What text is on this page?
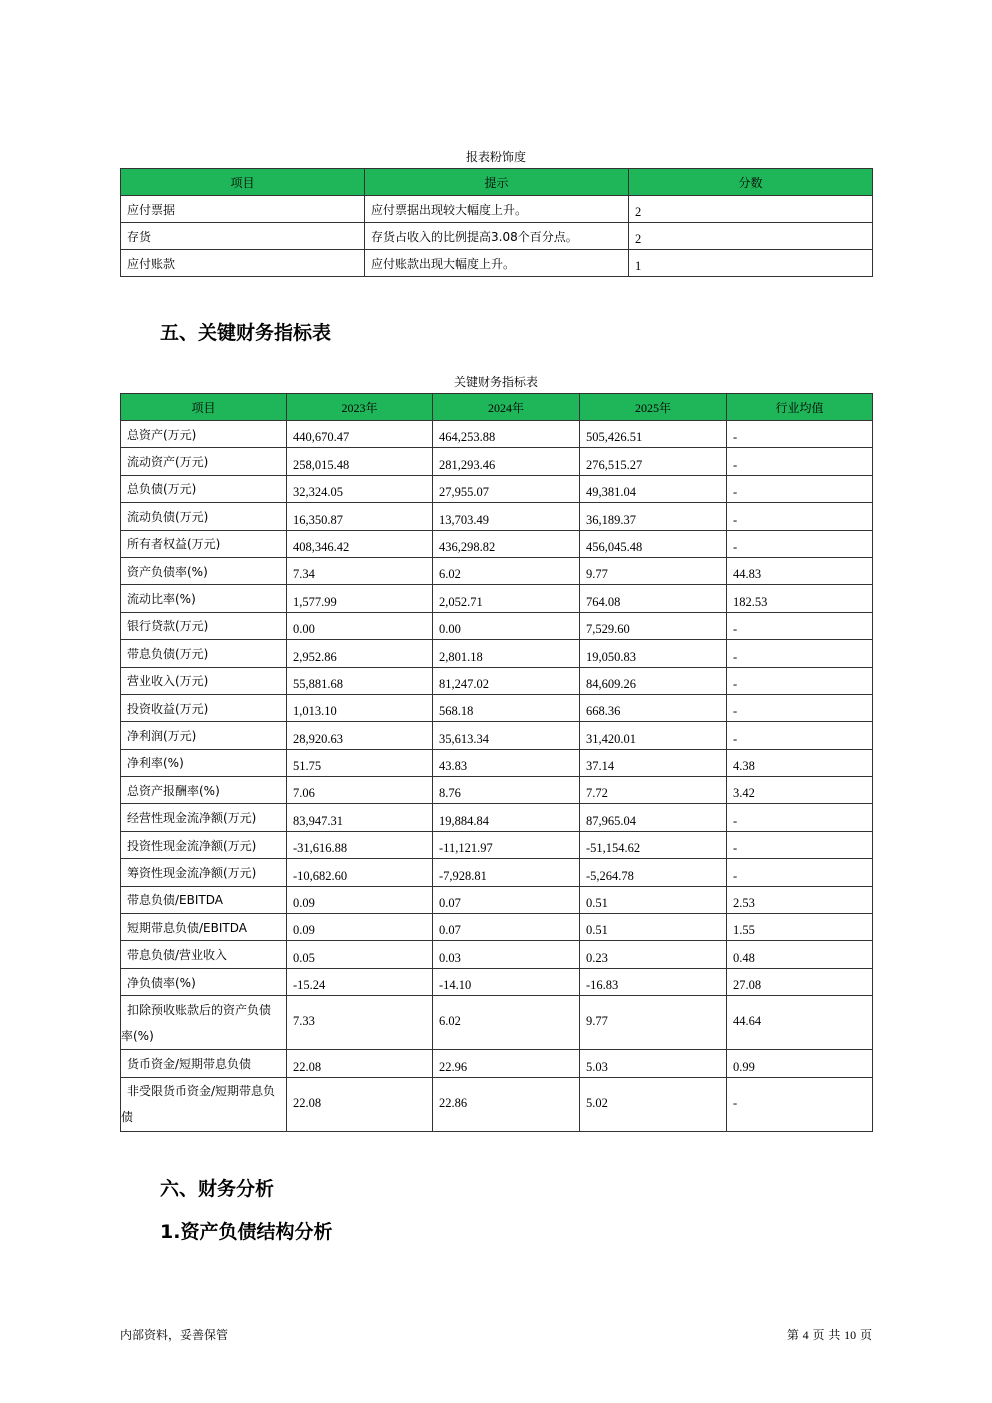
报表粉饰度
项目	提示	分数
应付票据	应付票据出现较大幅度上升。	2
存货	存货占收入的比例提高3.08个百分点。	2
应付账款	应付账款出现大幅度上升。	1
五、关键财务指标表
关键财务指标表
项目	2023年	2024年	2025年	行业均值
总资产(万元)	440,670.47	464,253.88	505,426.51	-
流动资产(万元)	258,015.48	281,293.46	276,515.27	-
总负债(万元)	32,324.05	27,955.07	49,381.04	-
流动负债(万元)	16,350.87	13,703.49	36,189.37	-
所有者权益(万元)	408,346.42	436,298.82	456,045.48	-
资产负债率(%)	7.34	6.02	9.77	44.83
流动比率(%)	1,577.99	2,052.71	764.08	182.53
银行贷款(万元)	0.00	0.00	7,529.60	-
带息负债(万元)	2,952.86	2,801.18	19,050.83	-
营业收入(万元)	55,881.68	81,247.02	84,609.26	-
投资收益(万元)	1,013.10	568.18	668.36	-
净利润(万元)	28,920.63	35,613.34	31,420.01	-
净利率(%)	51.75	43.83	37.14	4.38
总资产报酬率(%)	7.06	8.76	7.72	3.42
经营性现金流净额(万元)	83,947.31	19,884.84	87,965.04	-
投资性现金流净额(万元)	-31,616.88	-11,121.97	-51,154.62	-
筹资性现金流净额(万元)	-10,682.60	-7,928.81	-5,264.78	-
带息负债/EBITDA	0.09	0.07	0.51	2.53
短期带息负债/EBITDA	0.09	0.07	0.51	1.55
带息负债/营业收入	0.05	0.03	0.23	0.48
净负债率(%)	-15.24	-14.10	-16.83	27.08
扣除预收账款后的资产负债率(%)	7.33	6.02	9.77	44.64
货币资金/短期带息负债	22.08	22.96	5.03	0.99
非受限货币资金/短期带息负债	22.08	22.86	5.02	-
六、财务分析
1.资产负债结构分析
内部资料，妥善保管	第 4 页 共 10 页
